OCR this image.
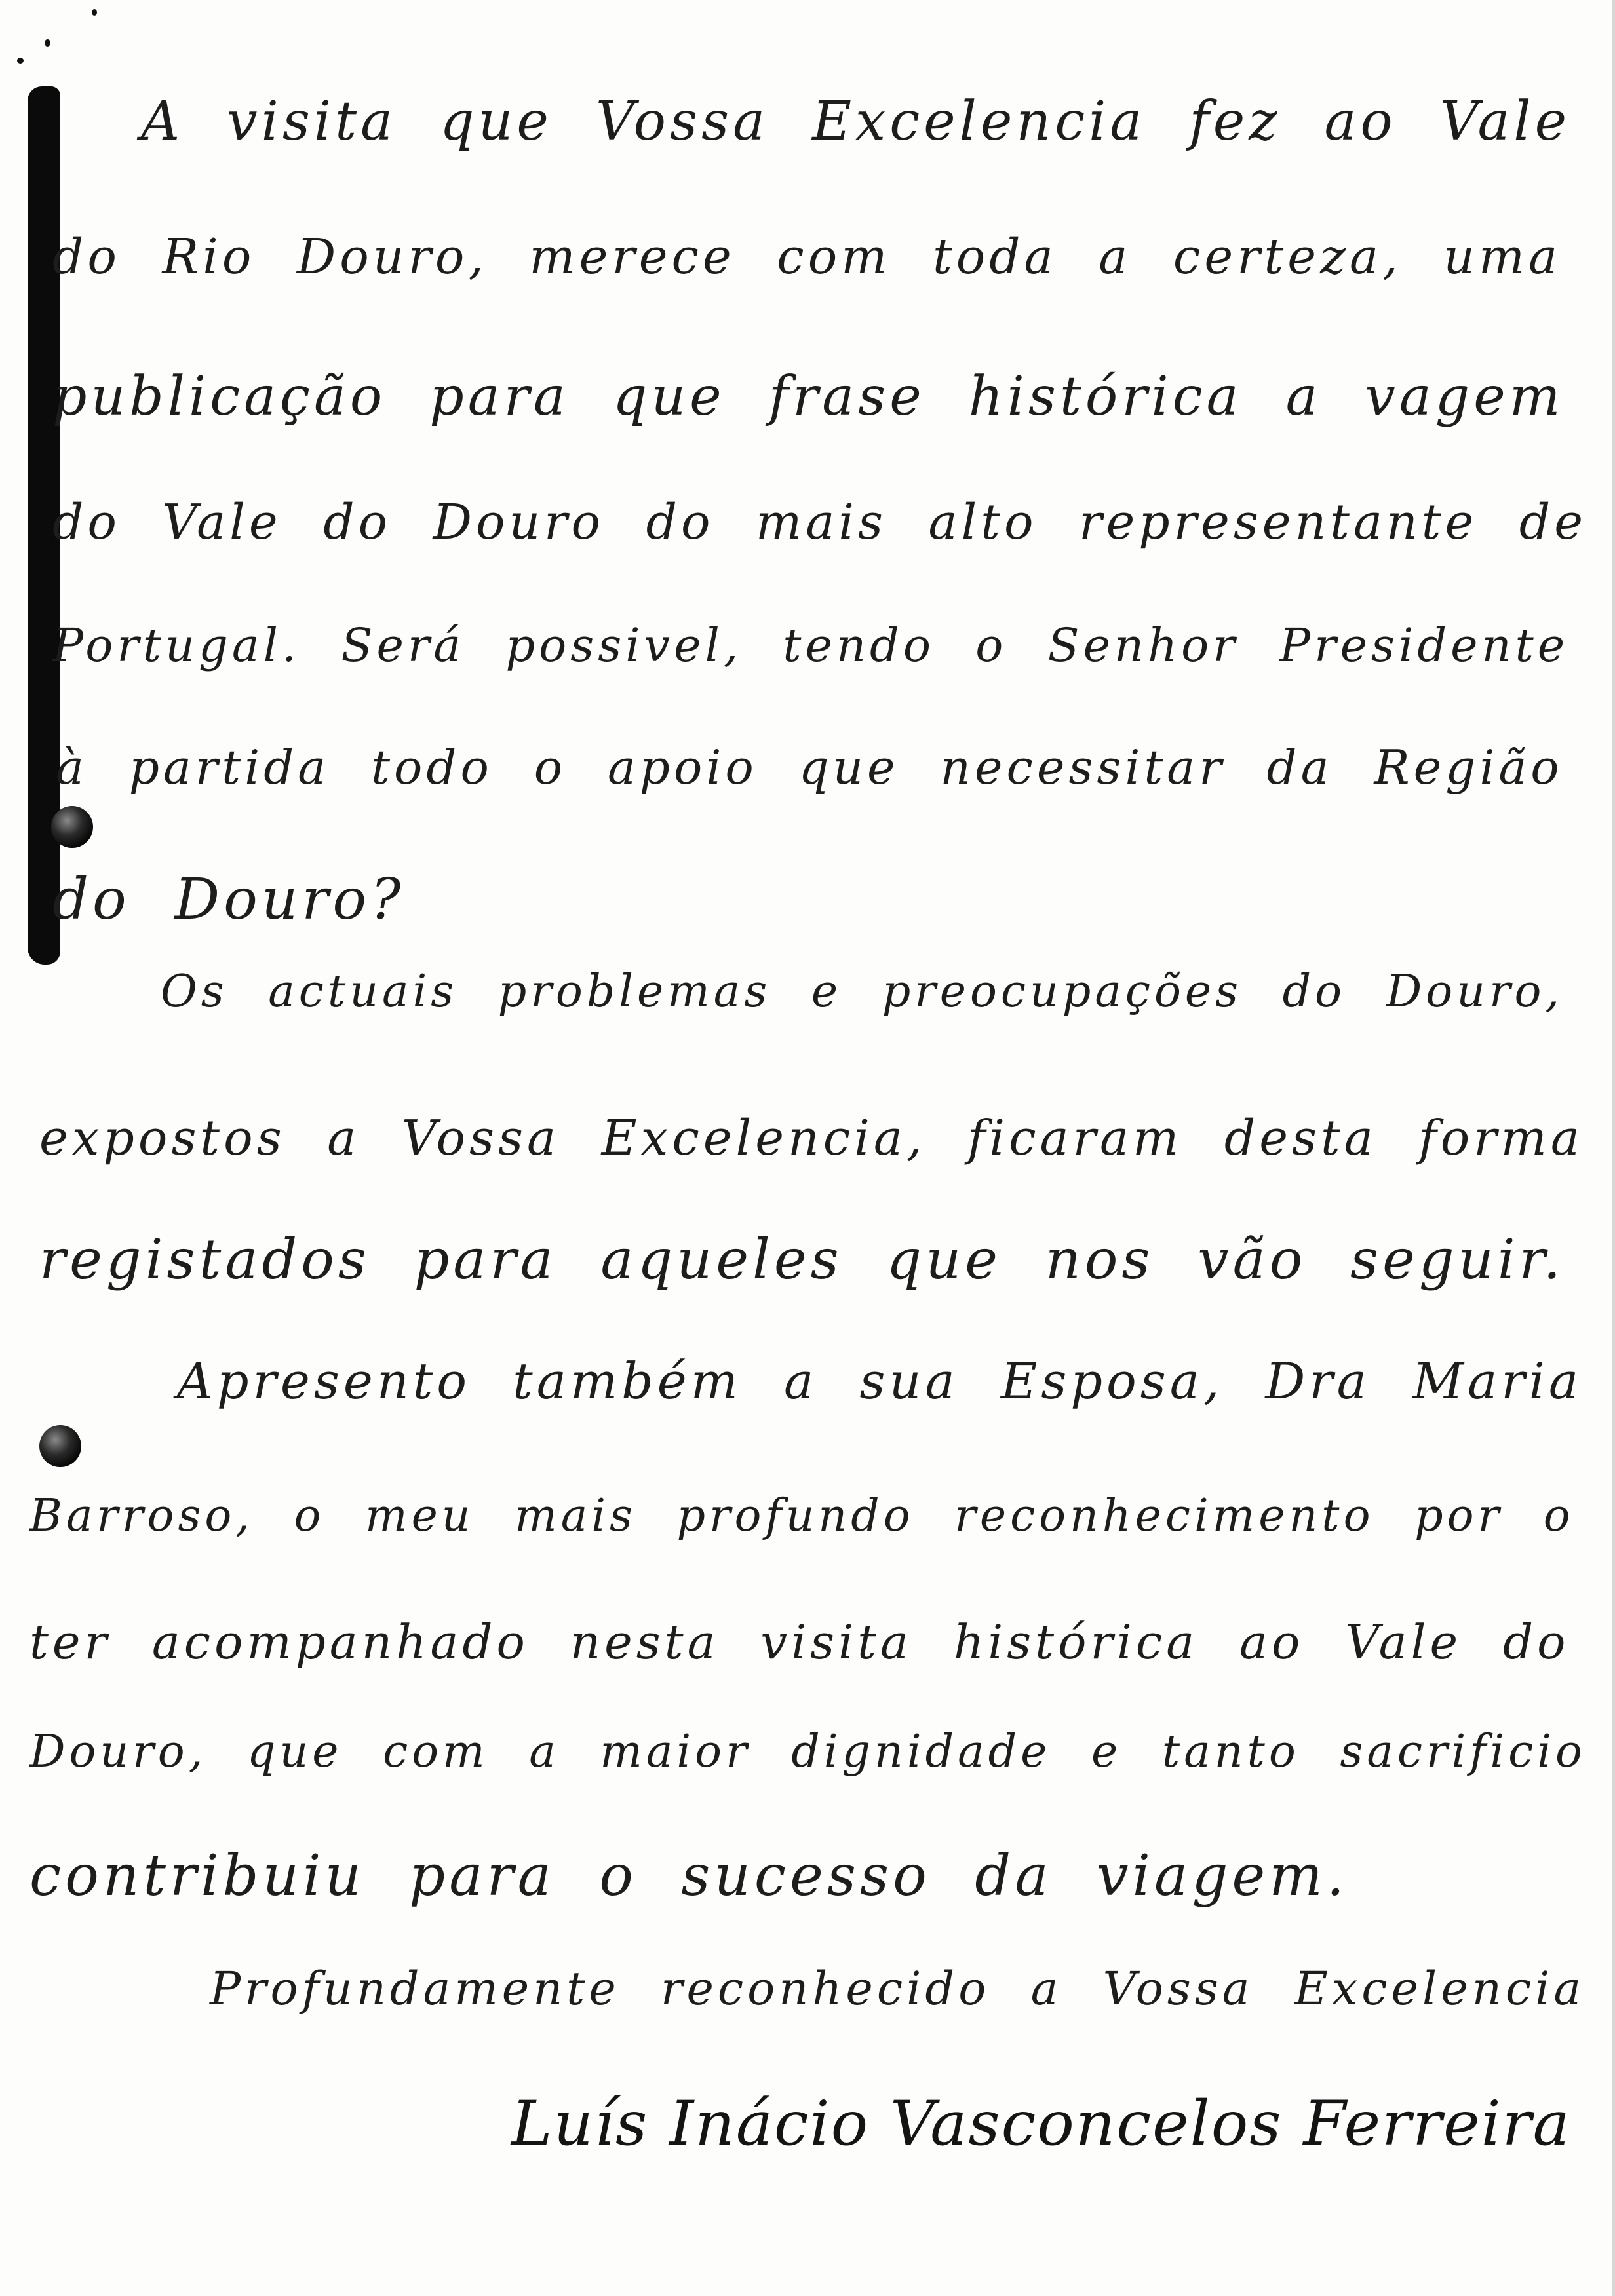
A visita que Vossa Excelencia fez ao Vale
do Rio Douro, merece com toda a certeza, uma
publicação para que frase histórica a vagem
do Vale do Douro do mais alto representante de
Portugal. Será possivel, tendo o Senhor Presidente
à partida todo o apoio que necessitar da Região
do Douro?
Os actuais problemas e preocupações do Douro,
expostos a Vossa Excelencia, ficaram desta forma
registados para aqueles que nos vão seguir.
Apresento também a sua Esposa, Dra Maria
Barroso, o meu mais profundo reconhecimento por o
ter acompanhado nesta visita histórica ao Vale do
Douro, que com a maior dignidade e tanto sacrificio
contribuiu para o sucesso da viagem.
Profundamente reconhecido a Vossa Excelencia
Luís Inácio Vasconcelos Ferreira
